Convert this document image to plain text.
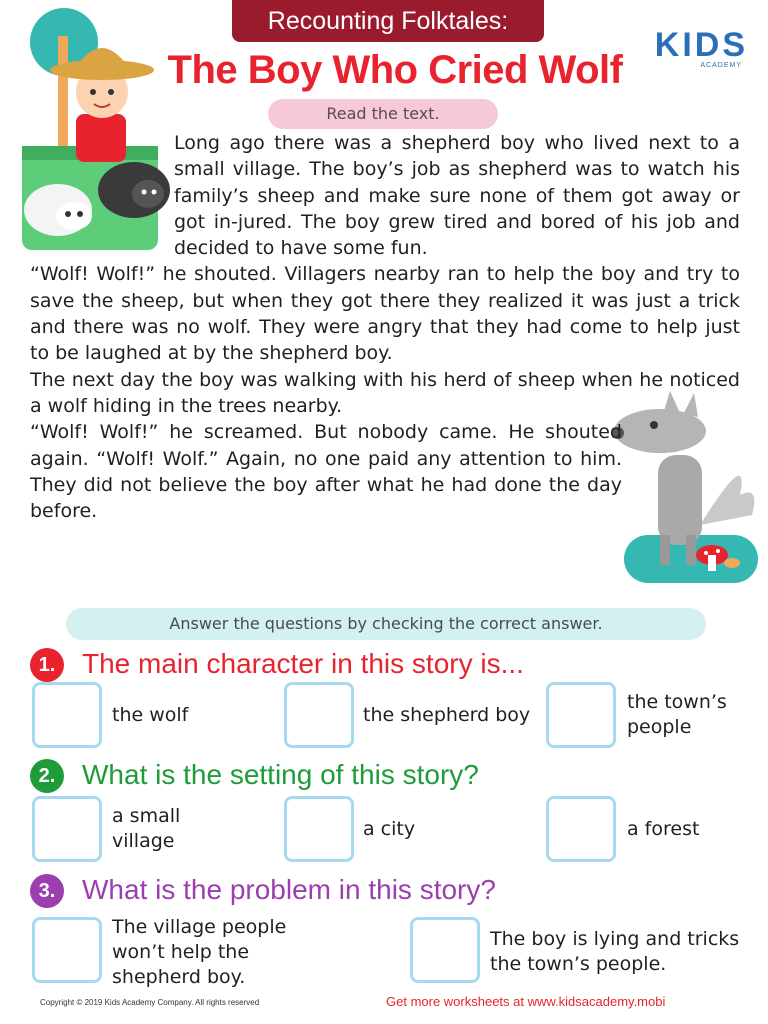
Recounting Folktales:
The Boy Who Cried Wolf
KIDS
ACADEMY
Read the text.

Long ago there was a shepherd boy who lived next to a small village. The boy’s job as shepherd was to watch his family’s sheep and make sure none of them got away or got in-jured. The boy grew tired and bored of his job and decided to have some fun.

“Wolf! Wolf!” he shouted. Villagers nearby ran to help the boy and try to save the sheep, but when they got there they realized it was just a trick and there was no wolf. They were angry that they had come to help just to be laughed at by the shepherd boy.

The next day the boy was walking with his herd of sheep when he noticed a wolf hiding in the trees nearby.

“Wolf! Wolf!” he screamed. But nobody came. He shouted again. “Wolf! Wolf.” Again, no one paid any attention to him. They did not believe the boy after what he had done the day before.

Answer the questions by checking the correct answer.
1. The main character in this story is...
the wolf	the shepherd boy
the town’s people
2. What is the setting of this story?
a small village
a city	a forest
3. What is the problem in this story?
The village people won’t help the shepherd boy.
The boy is lying and tricks the town’s people.
Copyright © 2019 Kids Academy Company. All rights reserved	Get more worksheets at www.kidsacademy.mobi
